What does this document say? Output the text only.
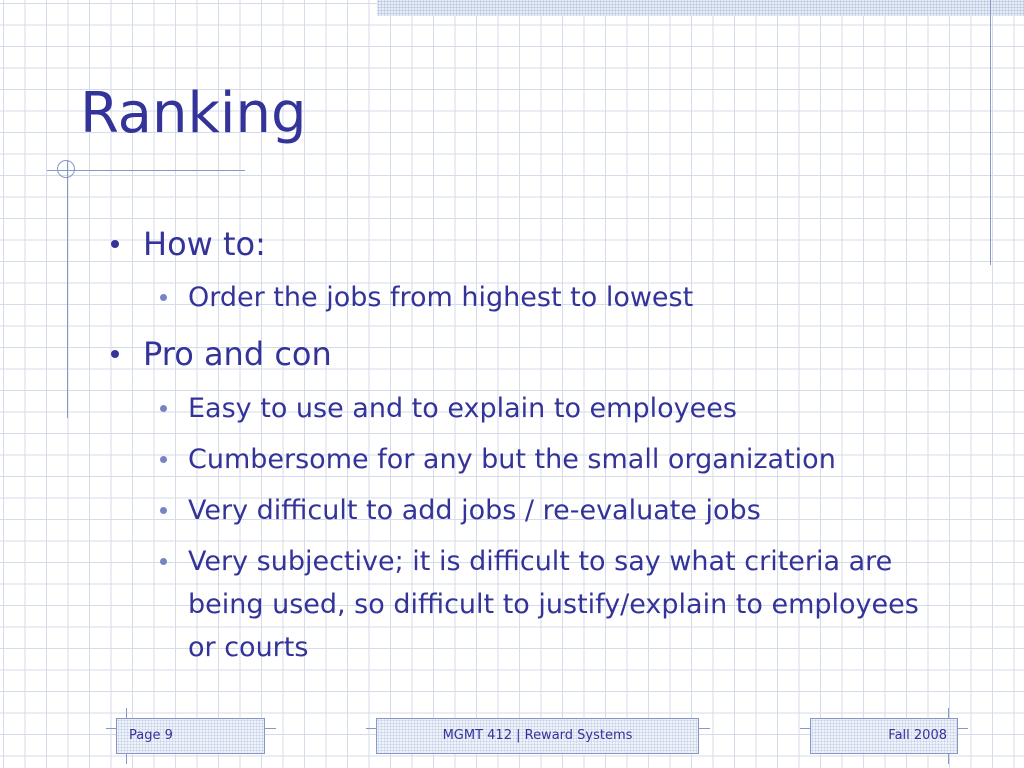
Ranking
How to:
Order the jobs from highest to lowest
Pro and con
Easy to use and to explain to employees
Cumbersome for any but the small organization
Very difficult to add jobs / re-evaluate jobs
Very subjective; it is difficult to say what criteria are being used, so difficult to justify/explain to employees or courts
Page 9	MGMT 412 | Reward Systems	Fall 2008
